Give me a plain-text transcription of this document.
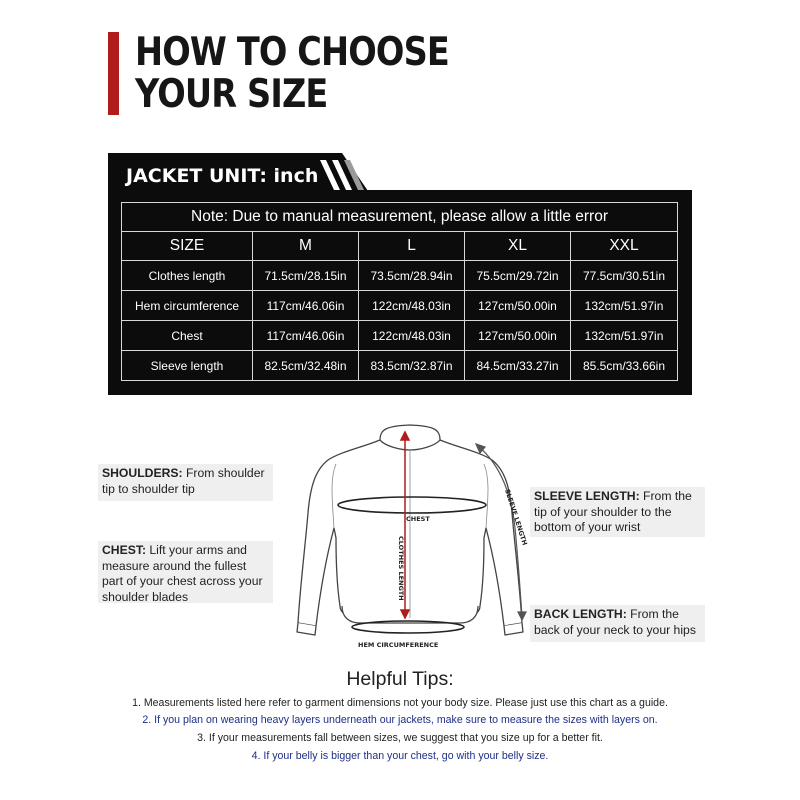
HOW TO CHOOSE
YOUR SIZE
JACKET UNIT: inch
Note: Due to manual measurement, please allow a little error				
SIZE	M	L	XL	XXL
Clothes length	71.5cm/28.15in	73.5cm/28.94in	75.5cm/29.72in	77.5cm/30.51in
Hem circumference	117cm/46.06in	122cm/48.03in	127cm/50.00in	132cm/51.97in
Chest	117cm/46.06in	122cm/48.03in	127cm/50.00in	132cm/51.97in
Sleeve length	82.5cm/32.48in	83.5cm/32.87in	84.5cm/33.27in	85.5cm/33.66in
SHOULDERS: From shoulder tip to shoulder tip
CHEST: Lift your arms and measure around the fullest part of your chest across your shoulder blades
SLEEVE LENGTH: From the tip of your shoulder to the bottom of your wrist
BACK LENGTH: From the back of your neck to your hips
CHEST
HEM CIRCUMFERENCE
CLOTHES LENGTH
SLEEVE LENGTH
Helpful Tips:
1. Measurements listed here refer to garment dimensions not your body size. Please just use this chart as a guide.
2. If you plan on wearing heavy layers underneath our jackets, make sure to measure the sizes with layers on.
3. If your measurements fall between sizes, we suggest that you size up for a better fit.
4. If your belly is bigger than your chest, go with your belly size.
